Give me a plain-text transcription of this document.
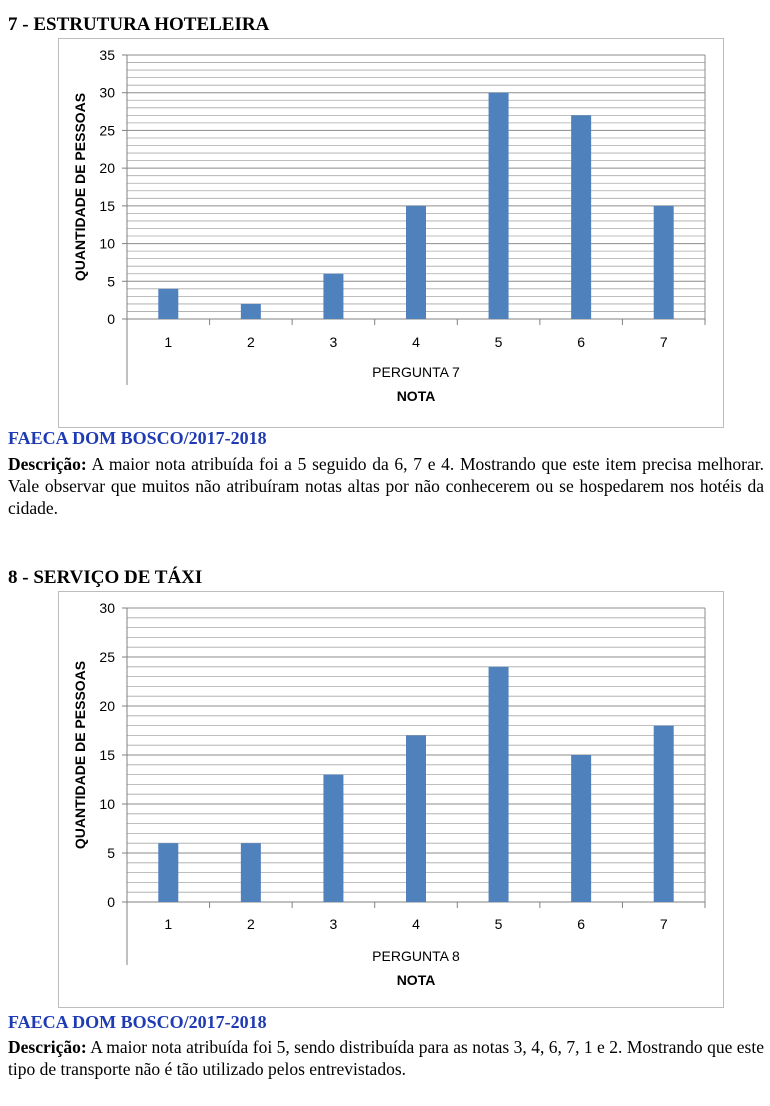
7 - ESTRUTURA HOTELEIRA
0
5
10
15
20
25
30
35
1	2	3	4	5	6	7
PERGUNTA 7
NOTA
QUANTIDADE DE PESSOAS
FAECA DOM BOSCO/2017-2018

Descrição: A maior nota atribuída foi a 5 seguido da 6, 7 e 4. Mostrando que este item precisa melhorar. Vale observar que muitos não atribuíram notas altas por não conhecerem ou se hospedarem nos hotéis da cidade.

8 - SERVIÇO DE TÁXI
0
5
10
15
20
25
30
1	2	3	4	5	6	7
PERGUNTA 8
NOTA
QUANTIDADE DE PESSOAS
FAECA DOM BOSCO/2017-2018

Descrição: A maior nota atribuída foi 5, sendo distribuída para as notas 3, 4, 6, 7, 1 e 2. Mostrando que este tipo de transporte não é tão utilizado pelos entrevistados.
